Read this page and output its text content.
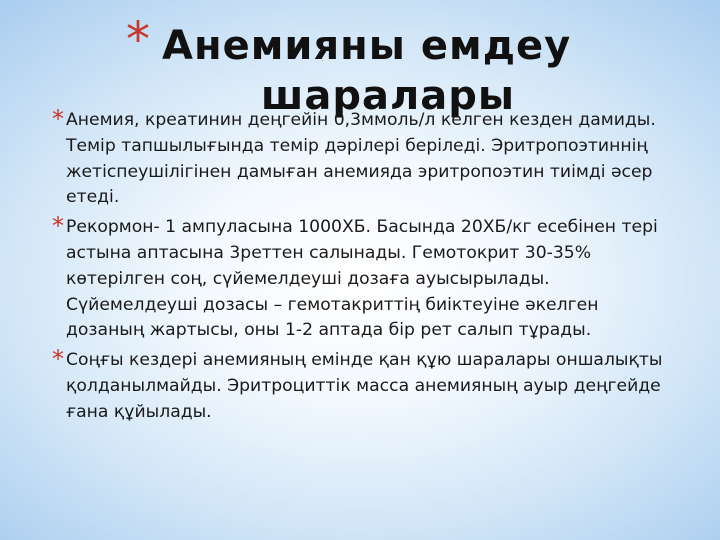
* Анемияны емдеу
шаралары
* Анемия, креатинин деңгейін 0,3ммоль/л келген кезден дамиды. Темір тапшылығында темір дәрілері беріледі. Эритропоэтиннің жетіспеушілігінен дамыған анемияда эритропоэтин тиімді әсер етеді.
* Рекормон- 1 ампуласына 1000ХБ. Басында 20ХБ/кг есебінен тері астына аптасына 3реттен салынады. Гемотокрит 30-35% көтерілген соң, сүйемелдеуші дозаға ауысырылады. Сүйемелдеуші дозасы – гемотакриттің биіктеуіне әкелген дозаның жартысы, оны 1-2 аптада бір рет салып тұрады.
* Соңғы кездері анемияның емінде қан құю шаралары оншалықты қолданылмайды. Эритроциттік масса анемияның ауыр деңгейде ғана құйылады.
